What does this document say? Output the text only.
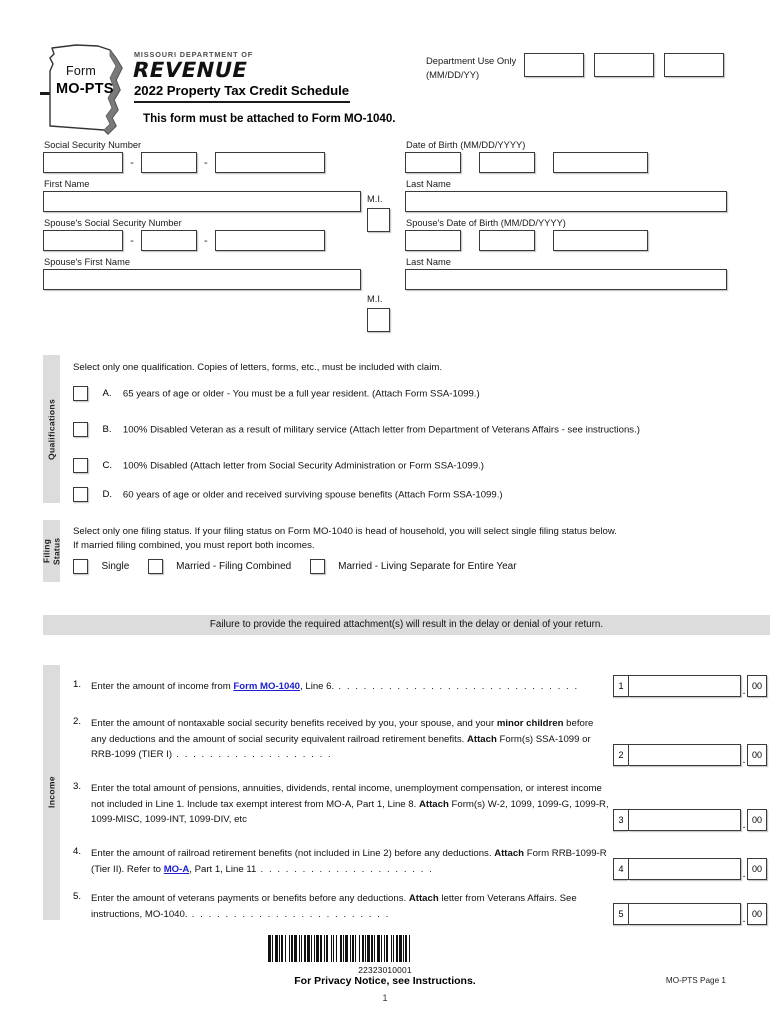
Form
MO-PTS
MISSOURI DEPARTMENT OF
REVENUE
2022 Property Tax Credit Schedule
This form must be attached to Form MO-1040.
Department Use Only
(MM/DD/YY)
Social Security Number
-	-
First Name
Spouse's Social Security Number
-	-
Spouse's First Name
M.I.
M.I.
Date of Birth (MM/DD/YYYY)

Last Name
Spouse's Date of Birth (MM/DD/YYYY)

Last Name
Qualifications
Select only one qualification. Copies of letters, forms, etc., must be included with claim.
A. 65 years of age or older - You must be a full year resident. (Attach Form SSA-1099.)
B. 100% Disabled Veteran as a result of military service (Attach letter from Department of Veterans Affairs - see instructions.)
C. 100% Disabled (Attach letter from Social Security Administration or Form SSA-1099.)
D. 60 years of age or older and received surviving spouse benefits (Attach Form SSA-1099.)
Filing
Status
Select only one filing status. If your filing status on Form MO-1040 is head of household, you will select single filing status below.
If married filing combined, you must report both incomes.
Single	Married - Filing Combined	Married - Living Separate for Entire Year
Failure to provide the required attachment(s) will result in the delay or denial of your return.
Income
1. Enter the amount of income from Form MO-1040, Line 6. . . . . . . . . . . . . . . . . . . . . . . . . . . . . .	1	. 00
2. Enter the amount of nontaxable social security benefits received by you, your spouse, and your minor children before any deductions and the amount of social security equivalent railroad retirement benefits. Attach Form(s) SSA-1099 or RRB-1099 (TIER I) . . . . . . . . . . . . . . . . . . .	2	. 00
3. Enter the total amount of pensions, annuities, dividends, rental income, unemployment compensation, or interest income not included in Line 1. Include tax exempt interest from MO-A, Part 1, Line 8. Attach Form(s) W-2, 1099, 1099-G, 1099-R, 1099-MISC, 1099-INT, 1099-DIV, etc	3	. 00
4. Enter the amount of railroad retirement benefits (not included in Line 2) before any deductions. Attach Form RRB-1099-R (Tier II). Refer to MO-A, Part 1, Line 11 . . . . . . . . . . . . . . . . . . . . .	4	. 00
5. Enter the amount of veterans payments or benefits before any deductions. Attach letter from Veterans Affairs. See instructions, MO-1040. . . . . . . . . . . . . . . . . . . . . . . . .	5	. 00
22323010001
For Privacy Notice, see Instructions.
1
MO-PTS Page 1
